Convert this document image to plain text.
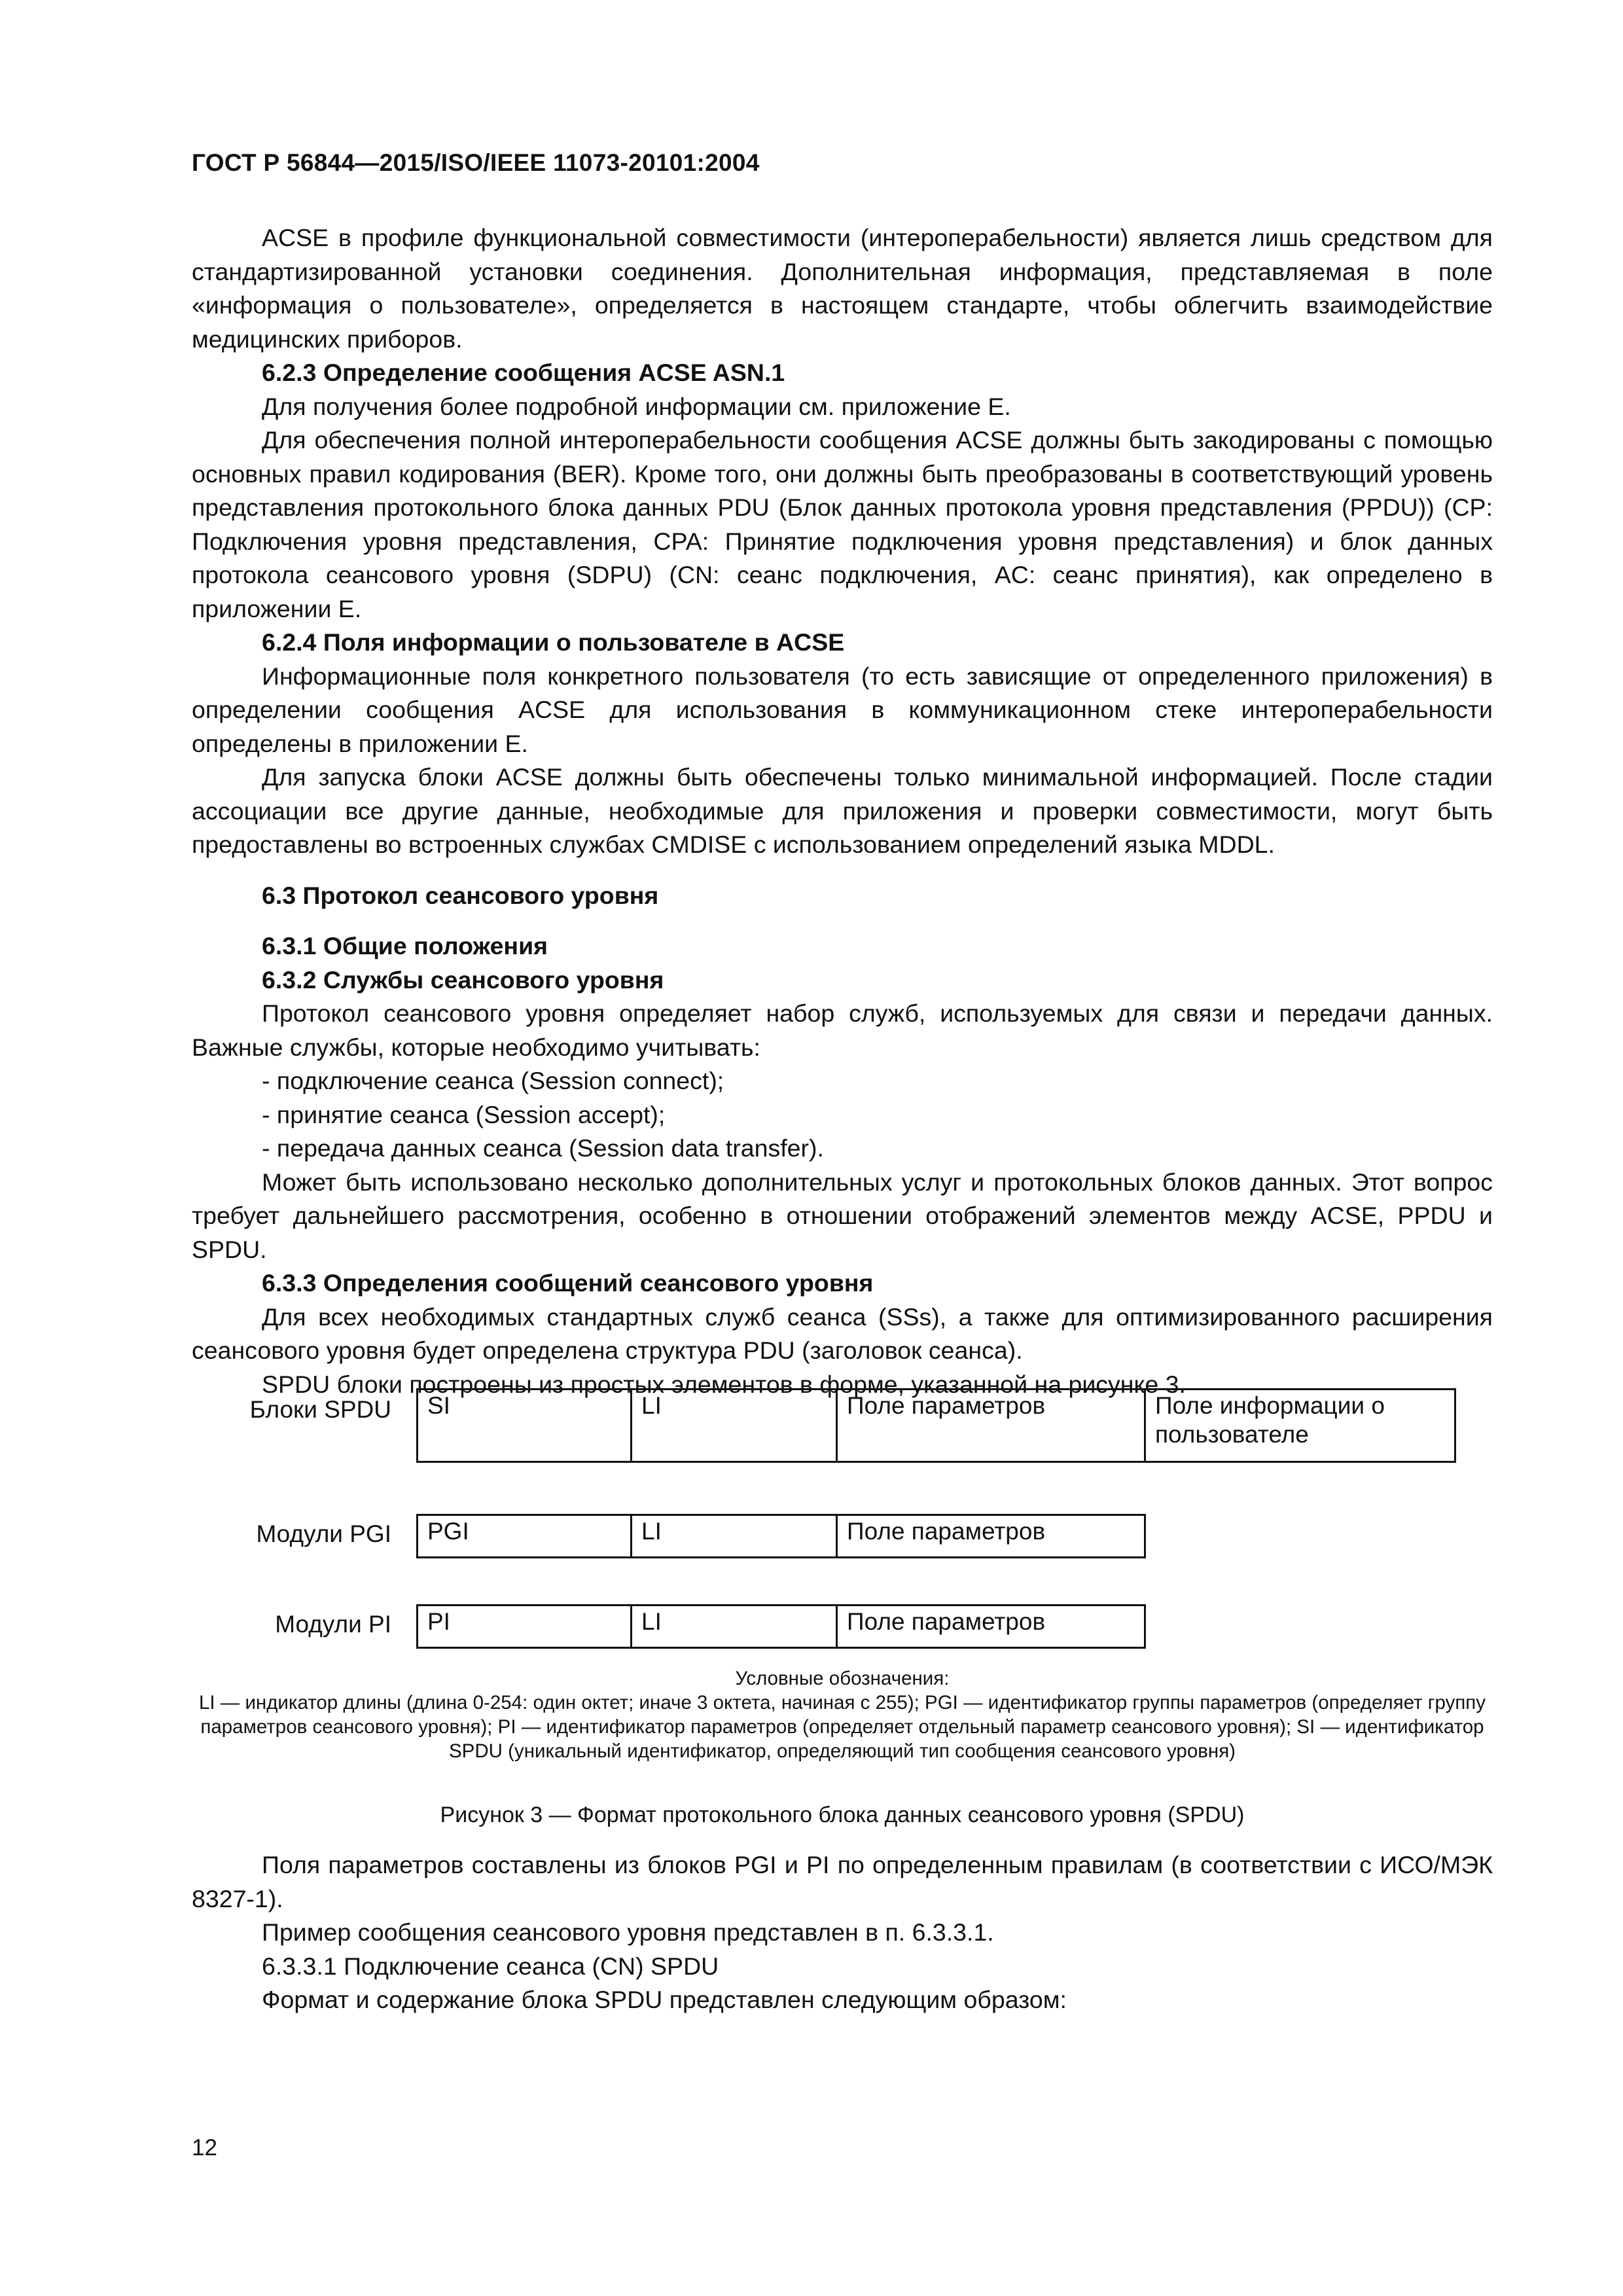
ГОСТ Р 56844—2015/ISO/IEEE 11073-20101:2004

ACSE в профиле функциональной совместимости (интероперабельности) является лишь средством для стандартизированной установки соединения. Дополнительная информация, представляемая в поле «информация о пользователе», определяется в настоящем стандарте, чтобы облегчить взаимодействие медицинских приборов.

6.2.3 Определение сообщения ACSE ASN.1

Для получения более подробной информации см. приложение Е.

Для обеспечения полной интероперабельности сообщения ACSE должны быть закодированы с помощью основных правил кодирования (BER). Кроме того, они должны быть преобразованы в соответствующий уровень представления протокольного блока данных PDU (Блок данных протокола уровня представления (PPDU)) (CP: Подключения уровня представления, CPA: Принятие подключения уровня представления) и блок данных протокола сеансового уровня (SDPU) (CN: сеанс подключения, AC: сеанс принятия), как определено в приложении Е.

6.2.4 Поля информации о пользователе в ACSE

Информационные поля конкретного пользователя (то есть зависящие от определенного приложения) в определении сообщения ACSE для использования в коммуникационном стеке интероперабельности определены в приложении Е.

Для запуска блоки ACSE должны быть обеспечены только минимальной информацией. После стадии ассоциации все другие данные, необходимые для приложения и проверки совместимости, могут быть предоставлены во встроенных службах CMDISE с использованием определений языка MDDL.

6.3 Протокол сеансового уровня

6.3.1 Общие положения

6.3.2 Службы сеансового уровня

Протокол сеансового уровня определяет набор служб, используемых для связи и передачи данных. Важные службы, которые необходимо учитывать:

- подключение сеанса (Session connect);

- принятие сеанса (Session accept);

- передача данных сеанса (Session data transfer).

Может быть использовано несколько дополнительных услуг и протокольных блоков данных. Этот вопрос требует дальнейшего рассмотрения, особенно в отношении отображений элементов между ACSE, PPDU и SPDU.

6.3.3 Определения сообщений сеансового уровня

Для всех необходимых стандартных служб сеанса (SSs), а также для оптимизированного расширения сеансового уровня будет определена структура PDU (заголовок сеанса).

SPDU блоки построены из простых элементов в форме, указанной на рисунке 3.

Блоки SPDU	SI	LI	Поле параметров	Поле информации о пользователе
Модули PGI	PGI	LI	Поле параметров
Модули PI	PI	LI	Поле параметров
Условные обозначения:
LI — индикатор длины (длина 0-254: один октет; иначе 3 октета, начиная с 255); PGI — идентификатор группы параметров (определяет группу параметров сеансового уровня); PI — идентификатор параметров (определяет отдельный параметр сеансового уровня); SI — идентификатор SPDU (уникальный идентификатор, определяющий тип сообщения сеансового уровня)
Рисунок 3 — Формат протокольного блока данных сеансового уровня (SPDU)

Поля параметров составлены из блоков PGI и PI по определенным правилам (в соответствии с ИСО/МЭК 8327-1).

Пример сообщения сеансового уровня представлен в п. 6.3.3.1.

6.3.3.1 Подключение сеанса (CN) SPDU

Формат и содержание блока SPDU представлен следующим образом:

12
